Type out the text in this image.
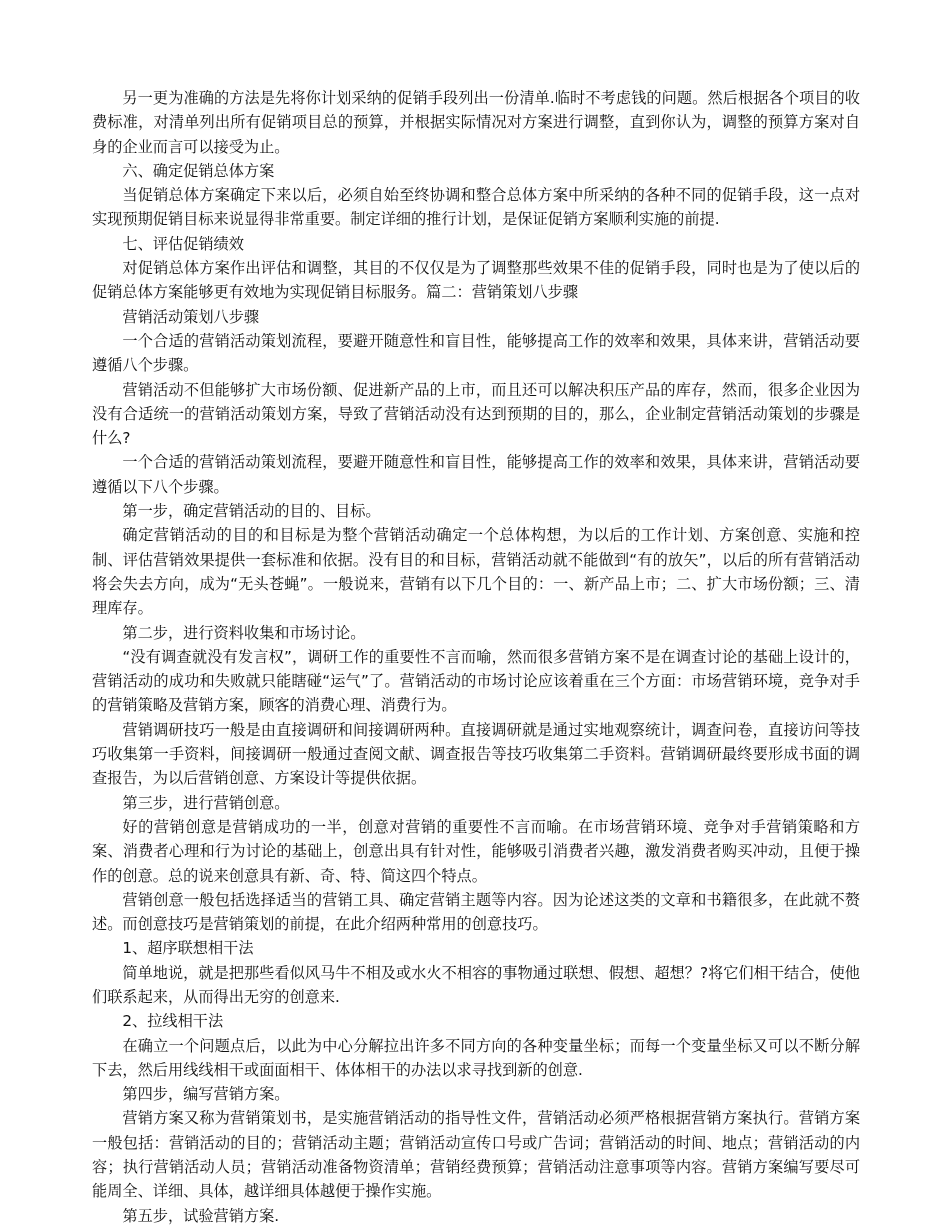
另一更为准确的方法是先将你计划采纳的促销手段列出一份清单.临时不考虑钱的问题。然后根据各个项目的收费标准，对清单列出所有促销项目总的预算，并根据实际情况对方案进行调整，直到你认为，调整的预算方案对自身的企业而言可以接受为止。

六、确定促销总体方案

当促销总体方案确定下来以后，必须自始至终协调和整合总体方案中所采纳的各种不同的促销手段，这一点对实现预期促销目标来说显得非常重要。制定详细的推行计划，是保证促销方案顺利实施的前提.

七、评估促销绩效

对促销总体方案作出评估和调整，其目的不仅仅是为了调整那些效果不佳的促销手段，同时也是为了使以后的促销总体方案能够更有效地为实现促销目标服务。篇二：营销策划八步骤

营销活动策划八步骤

一个合适的营销活动策划流程，要避开随意性和盲目性，能够提高工作的效率和效果，具体来讲，营销活动要遵循八个步骤。

营销活动不但能够扩大市场份额、促进新产品的上市，而且还可以解决积压产品的库存，然而，很多企业因为没有合适统一的营销活动策划方案，导致了营销活动没有达到预期的目的，那么，企业制定营销活动策划的步骤是什么?

一个合适的营销活动策划流程，要避开随意性和盲目性，能够提高工作的效率和效果，具体来讲，营销活动要遵循以下八个步骤。

第一步，确定营销活动的目的、目标。

确定营销活动的目的和目标是为整个营销活动确定一个总体构想，为以后的工作计划、方案创意、实施和控制、评估营销效果提供一套标准和依据。没有目的和目标，营销活动就不能做到“有的放矢”，以后的所有营销活动将会失去方向，成为“无头苍蝇”。一般说来，营销有以下几个目的：一、新产品上市；二、扩大市场份额；三、清理库存。

第二步，进行资料收集和市场讨论。

“没有调查就没有发言权”，调研工作的重要性不言而喻，然而很多营销方案不是在调查讨论的基础上设计的，营销活动的成功和失败就只能瞎碰“运气”了。营销活动的市场讨论应该着重在三个方面：市场营销环境，竞争对手的营销策略及营销方案，顾客的消费心理、消费行为。

营销调研技巧一般是由直接调研和间接调研两种。直接调研就是通过实地观察统计，调查问卷，直接访问等技巧收集第一手资料，间接调研一般通过查阅文献、调查报告等技巧收集第二手资料。营销调研最终要形成书面的调查报告，为以后营销创意、方案设计等提供依据。

第三步，进行营销创意。

好的营销创意是营销成功的一半，创意对营销的重要性不言而喻。在市场营销环境、竞争对手营销策略和方案、消费者心理和行为讨论的基础上，创意出具有针对性，能够吸引消费者兴趣，激发消费者购买冲动，且便于操作的创意。总的说来创意具有新、奇、特、简这四个特点。

营销创意一般包括选择适当的营销工具、确定营销主题等内容。因为论述这类的文章和书籍很多，在此就不赘述。而创意技巧是营销策划的前提，在此介绍两种常用的创意技巧。

1、超序联想相干法

简单地说，就是把那些看似风马牛不相及或水火不相容的事物通过联想、假想、超想？?将它们相干结合，使他们联系起来，从而得出无穷的创意来.

2、拉线相干法

在确立一个问题点后，以此为中心分解拉出许多不同方向的各种变量坐标；而每一个变量坐标又可以不断分解下去，然后用线线相干或面面相干、体体相干的办法以求寻找到新的创意.

第四步，编写营销方案。

营销方案又称为营销策划书，是实施营销活动的指导性文件，营销活动必须严格根据营销方案执行。营销方案一般包括：营销活动的目的；营销活动主题；营销活动宣传口号或广告词；营销活动的时间、地点；营销活动的内容；执行营销活动人员；营销活动准备物资清单；营销经费预算；营销活动注意事项等内容。营销方案编写要尽可能周全、详细、具体，越详细具体越便于操作实施。

第五步，试验营销方案.
